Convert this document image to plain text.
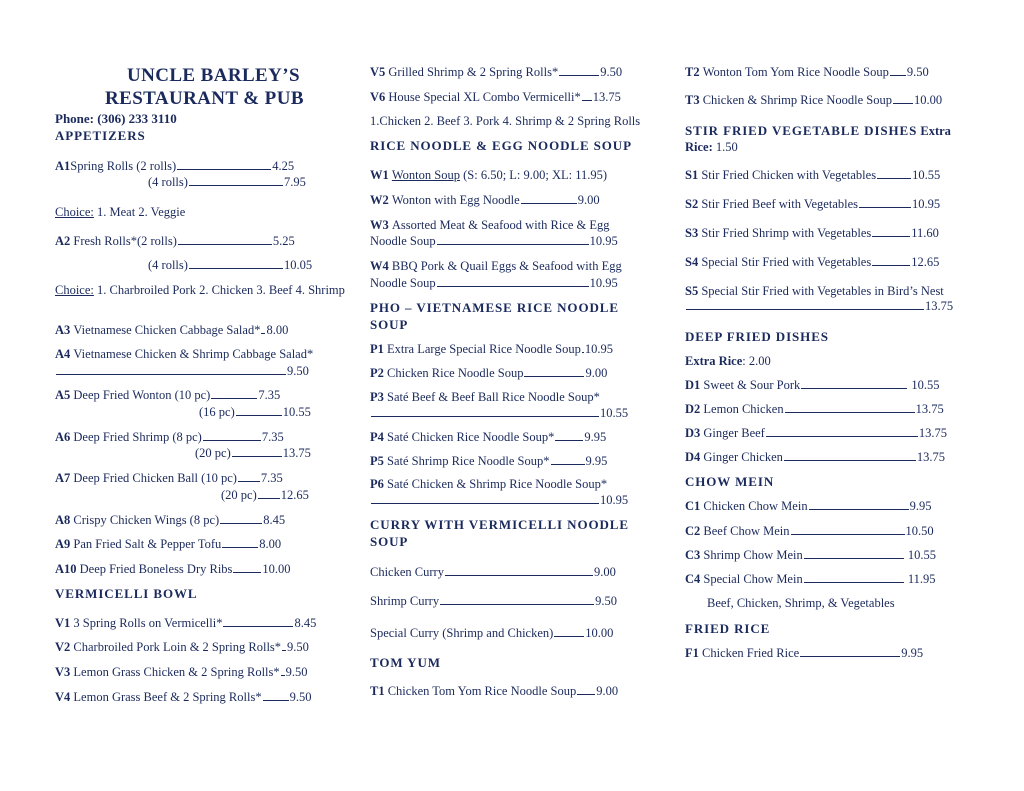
UNCLE BARLEY’S
RESTAURANT & PUB
Phone: (306) 233 3110
APPETIZERS
A1Spring Rolls (2 rolls)	4.25
(4 rolls)	7.95
Choice: 1. Meat 2. Veggie
A2 Fresh Rolls*(2 rolls)	5.25
(4 rolls)	10.05
Choice: 1. Charbroiled Pork 2. Chicken 3. Beef 4. Shrimp
A3 Vietnamese Chicken Cabbage Salad* 8.00
A4 Vietnamese Chicken & Shrimp Cabbage Salad*
9.50
A5 Deep Fried Wonton (10 pc)	7.35
(16 pc)	10.55
A6 Deep Fried Shrimp (8 pc)	7.35
(20 pc)	13.75
A7 Deep Fried Chicken Ball (10 pc) 7.35
(20 pc) 12.65
A8 Crispy Chicken Wings (8 pc)	8.45
A9 Pan Fried Salt & Pepper Tofu	8.00
A10 Deep Fried Boneless Dry Ribs 10.00
VERMICELLI BOWL
V1 3 Spring Rolls on Vermicelli*	8.45
V2 Charbroiled Pork Loin & 2 Spring Rolls* 9.50
V3 Lemon Grass Chicken & 2 Spring Rolls* 9.50
V4 Lemon Grass Beef & 2 Spring Rolls* 9.50
V5 Grilled Shrimp & 2 Spring Rolls*	9.50
V6 House Special XL Combo Vermicelli* 13.75
1.Chicken 2. Beef 3. Pork 4. Shrimp & 2 Spring Rolls
RICE NOODLE & EGG NOODLE SOUP
W1 Wonton Soup (S: 6.50; L: 9.00; XL: 11.95)
W2 Wonton with Egg Noodle	9.00
W3 Assorted Meat & Seafood with Rice & Egg
Noodle Soup	10.95
W4 BBQ Pork & Quail Eggs & Seafood with Egg
Noodle Soup	10.95
PHO – VIETNAMESE RICE NOODLE
SOUP
P1 Extra Large Special Rice Noodle Soup 10.95
P2 Chicken Rice Noodle Soup	9.00
P3 Saté Beef & Beef Ball Rice Noodle Soup*
10.55
P4 Saté Chicken Rice Noodle Soup* 9.95
P5 Saté Shrimp Rice Noodle Soup*	9.95
P6 Saté Chicken & Shrimp Rice Noodle Soup*
10.95
CURRY WITH VERMICELLI NOODLE
SOUP
Chicken Curry	9.00
Shrimp Curry	9.50
Special Curry (Shrimp and Chicken)	10.00
TOM YUM
T1 Chicken Tom Yom Rice Noodle Soup 9.00
T2 Wonton Tom Yom Rice Noodle Soup 9.50
T3 Chicken & Shrimp Rice Noodle Soup 10.00
STIR FRIED VEGETABLE DISHES Extra
Rice: 1.50
S1 Stir Fried Chicken with Vegetables	10.55
S2 Stir Fried Beef with Vegetables	10.95
S3 Stir Fried Shrimp with Vegetables	11.60
S4 Special Stir Fried with Vegetables	12.65
S5 Special Stir Fried with Vegetables in Bird’s Nest
13.75
DEEP FRIED DISHES
Extra Rice: 2.00
D1 Sweet & Sour Pork	10.55
D2 Lemon Chicken	13.75
D3 Ginger Beef	13.75
D4 Ginger Chicken	13.75
CHOW MEIN
C1 Chicken Chow Mein	9.95
C2 Beef Chow Mein	10.50
C3 Shrimp Chow Mein	10.55
C4 Special Chow Mein	11.95
Beef, Chicken, Shrimp, & Vegetables
FRIED RICE
F1 Chicken Fried Rice	9.95
